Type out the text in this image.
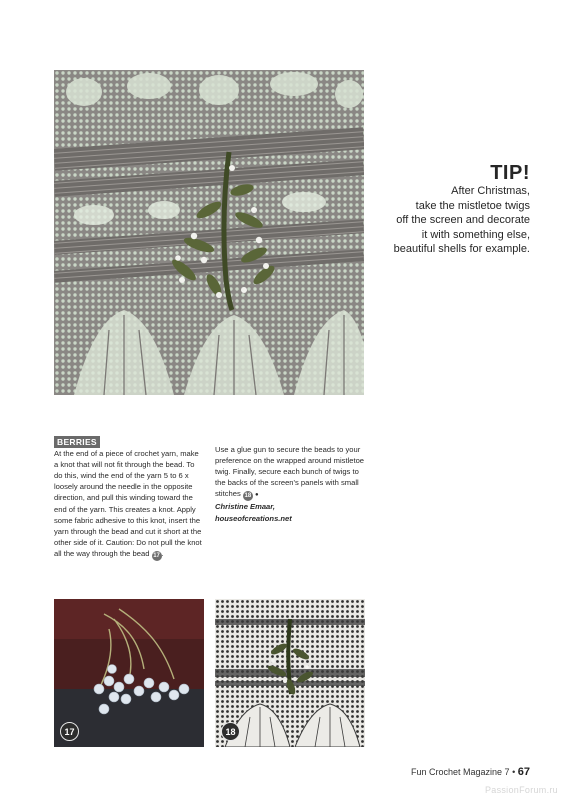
TIP!
After Christmas,
take the mistletoe twigs
off the screen and decorate
it with something else,
beautiful shells for example.
BERRIES
At the end of a piece of crochet yarn, make a knot that will not fit through the bead. To do this, wind the end of the yarn 5 to 6 x loosely around the needle in the opposite direction, and pull this winding toward the end of the yarn. This creates a knot. Apply some fabric adhesive to this knot, insert the yarn through the bead and cut it short at the other side of it. Caution: Do not pull the knot all the way through the bead 17 .
Use a glue gun to secure the beads to your preference on the wrapped around mistletoe twig. Finally, secure each bunch of twigs to the backs of the screen's panels with small stitches 18 ●
Christine Emaar,
houseofcreations.net
17	18
Fun Crochet Magazine 7 • 67
PassionForum.ru
